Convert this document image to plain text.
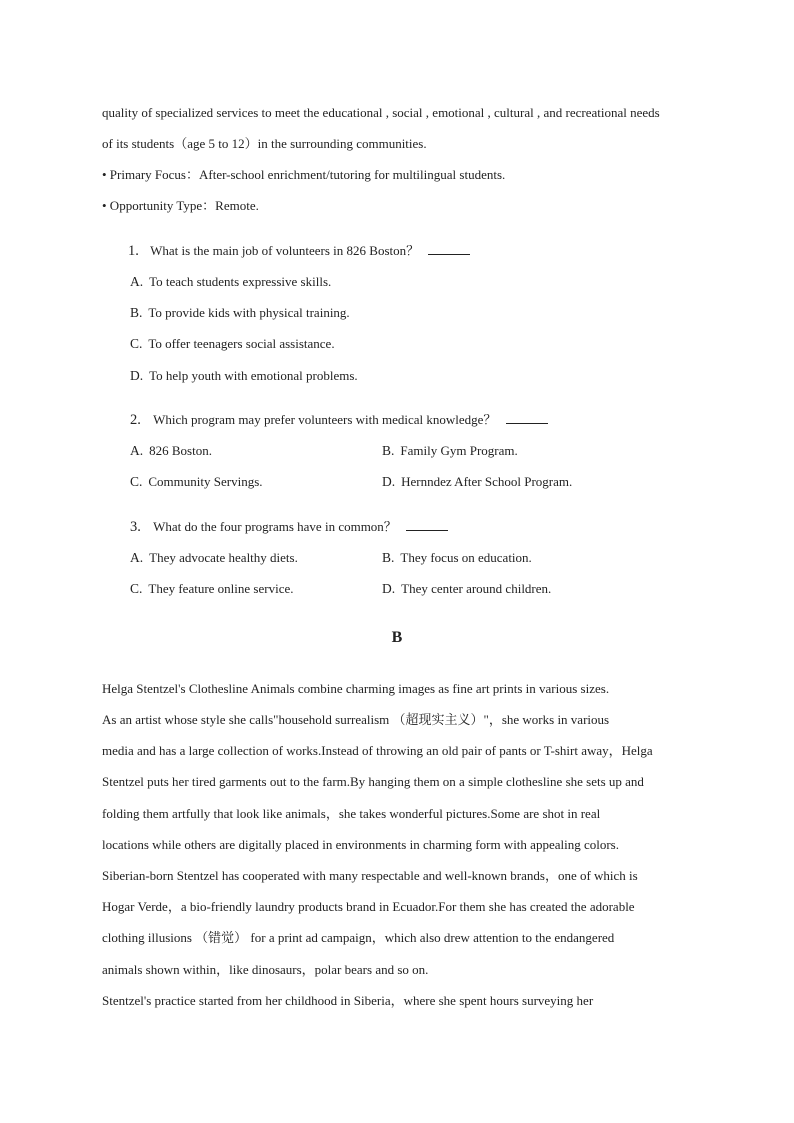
quality of specialized services to meet the educational , social , emotional , cultural , and recreational needs
of its students（age 5 to 12）in the surrounding communities.
• Primary Focus：After-school enrichment/tutoring for multilingual students.
• Opportunity Type：Remote.
1. What is the main job of volunteers in 826 Boston？
A. To teach students expressive skills.
B. To provide kids with physical training.
C. To offer teenagers social assistance.
D. To help youth with emotional problems.
2. Which program may prefer volunteers with medical knowledge？
A. 826 Boston.	B. Family Gym Program.
C. Community Servings.	D. Hernndez After School Program.
3. What do the four programs have in common？
A. They advocate healthy diets.	B. They focus on education.
C. They feature online service.	D. They center around children.
B
Helga Stentzel's Clothesline Animals combine charming images as fine art prints in various sizes.
As an artist whose style she calls"household surrealism （超现实主义）"，she works in various
media and has a large collection of works.Instead of throwing an old pair of pants or T-shirt away，Helga
Stentzel puts her tired garments out to the farm.By hanging them on a simple clothesline she sets up and
folding them artfully that look like animals，she takes wonderful pictures.Some are shot in real
locations while others are digitally placed in environments in charming form with appealing colors.
Siberian-born Stentzel has cooperated with many respectable and well-known brands，one of which is
Hogar Verde，a bio-friendly laundry products brand in Ecuador.For them she has created the adorable
clothing illusions （错觉） for a print ad campaign，which also drew attention to the endangered
animals shown within，like dinosaurs，polar bears and so on.
Stentzel's practice started from her childhood in Siberia，where she spent hours surveying her
